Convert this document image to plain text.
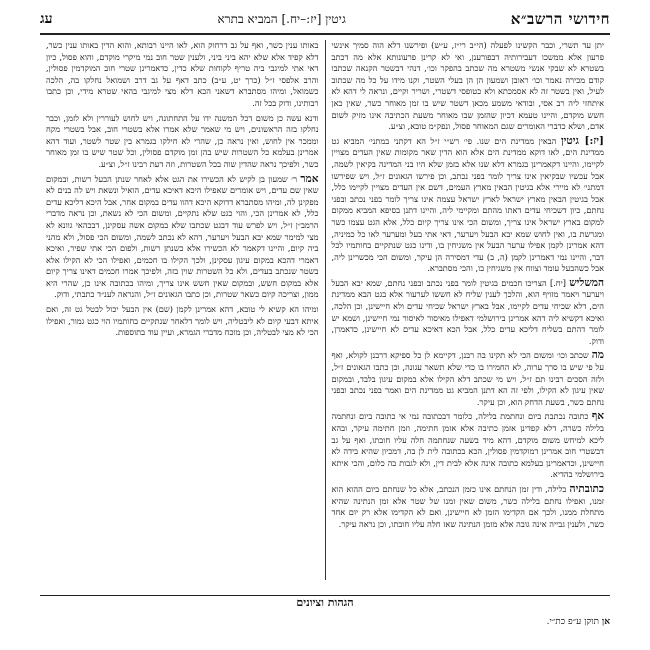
חידושי הרשב״א
גיטין [יז:–יח.] המביא בתרא
עג

יתן עד תשרי, וכבר הקשינו לפעלה (הי״ב רי״ז, ע״ש) ופירשנו דלא הוה סמיך אינשי פרעון אלא ממשכו דעבירותיה דבפורענן, ואי לא קרינן פרעונותא אלא מה דכתב בשטרא לא שבקי אנשי משטרא מה שכתב בהפקר וכו׳, דנהי דבשטר הקנאה שכתבו קודם מכירה נאמר וכו׳ ראובן ושמעון הן הן בעלי השטר, וקנו מידו על כל מה שכתוב לעיל, ואין בשטר זה לא אסמכתא ולא כטופסי דשטרי, ושריר וקיים, ונראה לי דהא לא איתחזי ליה רב אסי, ובודאי משמע מכאן דשטר שיש בו זמן מאוחר כשר, שאין כאן חשש מוקדם, והיינו טעמא דכיון שהזמן שבו מאוחר משעת הכתיבה אינו מזיק לשום אדם, ושלא כדברי האומרים שגם המאוחר פסול, ונפק״מ טובא, וצ״ע.

[יז:] גיטין הבאין ממדינת הים שנו. פי׳ רש״י ז״ל הא דקתני במתני׳ המביא גט ממדינת הים, לאו דוקא ממדינת הים אלא הוא הדין שאר מקומות שאין העדים מצויין לקיימו, והיינו דקאמרינן בגמרא דלא שנו אלא בזמן שלא היו בני המדינה בקיאין לשמה, אבל עכשיו שבקיאין אינו צריך לומר בפני נכתב, וכן פירשו הגאונים ז״ל, ויש שפירשו דמתני׳ לא מיירי אלא בגיטין הבאין מארץ העמים, דשם אין העדים מצויין לקיימו כלל, אבל בגיטין הבאין מארץ ישראל לארץ ישראל עצמה אינו צריך לומר בפני נכתב ובפני נחתם, כיון דשכיחי עדים דאתו מהתם ומקיימי ליה, והיינו דתנן בסיפא המביא ממקום למקום בארץ ישראל אינו צריך, ומשום הכי אינו צריך קיום כלל, אלא הגט עצמו כשר ומגרשת בו, ואין לחוש שמא יבא הבעל ויערער, דאי אתי בעל ומערער לאו כל כמיניה, דהא אמרינן לקמן אפילו ערער הבעל אין משגיחין בו, ודינו כגט שנתקיים בחותמיו לכל דבר, והיינו נמי דאמרינן לקמן (ה, ב) עדי דמסירה הן עיקר, ומשום הכי מכשרינן ליה, אבל כשהבעל עומד וצווח אין משגיחין בו, והכי מסתברא.

המשליש [יח.] הצריכו חכמים בגיטין לומר בפני נכתב ובפני נחתם, שמא יבא הבעל ויערער ויאמר מזויף הוא, והלכך לענין שליח לא חששו לערעור אלא בגט הבא ממדינת הים, דלא שכיחי עדים לקיימו, אבל בארץ ישראל שכיחי עדים ולא חיישינן, וכן הלכה, ואיכא דקשיא ליה דהא אמרינן בירושלמי דאפילו מאיסור לאיסור נמי חיישינן, ושמא יש לומר דהתם בשליח דליכא עדים כלל, אבל הכא דאיכא עדים לא חיישינן, כדאמרן, ודוק.

מה שכתב וכו׳ ומשום הכי לא תקינו בה רבנן, דקיימא לן כל ספיקא דרבנן לקולא, ואף על פי שיש בו סרך ערוה, לא החמירו בו כדי שלא תשאר עגונה, וכן כתבו הגאונים ז״ל, ולזה הסכים רבינו תם ז״ל, ויש מי שכתב דלא הקילו אלא במקום עיגון בלבד, ובמקום שאין עיגון לא הקילו, ולפי זה הא דתנן המביא גט ממדינת הים ואמר בפני נכתב ובפני נחתם כשר, בשעת הדחק הוא, וכן עיקר.

אף כתובה נכתבת ביום ונחתמת בלילה, כלומר דבכתובה נמי אי כתובה ביום ונחתמה בלילה כשרה, דלא קפדינן אזמן כתיבה אלא אזמן חתימה, וזמן חתימה עיקר, ובהא ליכא למיחש משום מוקדם, דהא מיד בשעה שנחתמה חלה עליו חובתו, ואף על גב דבשטרי חוב אמרינן דמוקדמין פסולין, הכא בכתובה לית לן בה, דמכיון שהיא בידה לא חיישינן, וכדאמרינן בעלמא כתובה אינה אלא לבית דין, ולא לגבות בה כלום, והכי איתא בירושלמי בהדיא.

כתובתיה בלילה, ודין זמן הנחתם אינו כזמן הנכתב, אלא כל שנחתם ביום ההוא הוא זמנו, ואפילו נחתם בלילה כשר, משום שאין זמנו של שטר אלא זמן הנתינה שהיא מתחלת ממנו, ולכך אם הקדימו הזמן לא חיישינן, ואם לא הקדימו אלא רק יום אחד כשר, ולענין גבייה אינה גובה אלא מזמן הנתינה שאז חלה עליו חובתו, וכן נראה עיקר.

באותו ענין כשר, ואף על גב דרחוק הוא, לאו היינו רבותא, והוא הדין באותו ענין כשר, דלא קפיד אלא שלא יהא ביני ביני, ולענין שטר חוב נמי מיקרי מוקדם, והוא פסול, כיון דאי אתי למיגבי ביה טריף לקוחות שלא כדין, כדאמרינן שטרי חוב המוקדמין פסולין, והרב אלפסי ז״ל (כרך יט, ע״ב) כתב דאף על גב דרב ושמואל נחלקו בה, הלכה כשמואל, ומיהו מסתברא דשאני הכא דלא מצי למיגבי בהאי שטרא מידי, וכן כתבו רבותינו, ודוק בכל זה.

ודנא עשה כן משום דכל המשנה ידו על התחתונה, ויש לחוש לעוררין ולא לזמן, וכבר נחלקו בזה הראשונים, ויש מי שאמר שלא אמרו אלא בשטרי חוב, אבל בשטרי מקח וממכר אין לחוש, ואין נראה כן, שהרי לא חילקו בגמרא בין שטר לשטר, ועוד דהא אמרינן בעלמא כל השטרות שיש בהן זמן מוקדם פסולין, וכל שטר שיש בו זמן מאוחר כשר, ולפיכך נראה שהדין שוה בכל השטרות, וזה דעת רבינו ז״ל, וצ״ע.

אמר ר׳ שמעון בן לקיש לא הכשירו את הגט אלא לאחר שנתן הבעל רשות, ובמקום שאין שם עדים, ויש אומרים שאפילו היכא דאיכא עדים, הואיל ונשאת ויש לה בנים לא מפקינן לה, ומיהו מסתברא דדוקא היכא דהוו עדים במקום אחר, אבל היכא דליכא עדים כלל, לא אמרינן הכי, והוי כגט שלא נתקיים, ומשום הכי לא נשאת, וכן נראה מדברי הרמב״ן ז״ל, ויש לפרש עוד דבגט שכתבו שלא במקום אשה עסקינן, דבכהאי גוונא לא מצי למימר שמא יבא הבעל ויערער, דהא לא נכתב לשמה, ומשום הכי פסול, ולא מהני ביה קיום, והיינו דקאמר לא הכשירו אלא כשנתן רשות, ולפום הכי אתי שפיר, ואיכא דאמרי דהכא במקום עיגון עסקינן, ולכך הקילו בו חכמים, ואפילו הכי לא הקילו אלא בשטר שנכתב בעדים, ולא כל השטרות שוין בזה, ולפיכך אמרו חכמים דאינו צריך קיום אלא במקום חשש, ובמקום שאין חשש אינו צריך, ומיהו בכתובה אינו כן, שהרי היא ממון, וצריכה קיום כשאר שטרות, וכן כתבו הגאונים ז״ל, והנראה לענ״ד כתבתי, ודוק.

ומיהו הא קשיא לי טובא, דהא אמרינן לקמן (שם) אין הבעל יכול לבטל גט זה, ואם איתא דבעי קיום לא ליבטליה, ויש לומר דלאחר שנתקיים בחותמיו הוי כגט גמור, ואפילו הכי לא מצי לבטליה, וכן מוכח מדברי הגמרא, ועיין עוד בתוספות.

הגהות וציונים
אן תוקן ע״פ כת״י.
